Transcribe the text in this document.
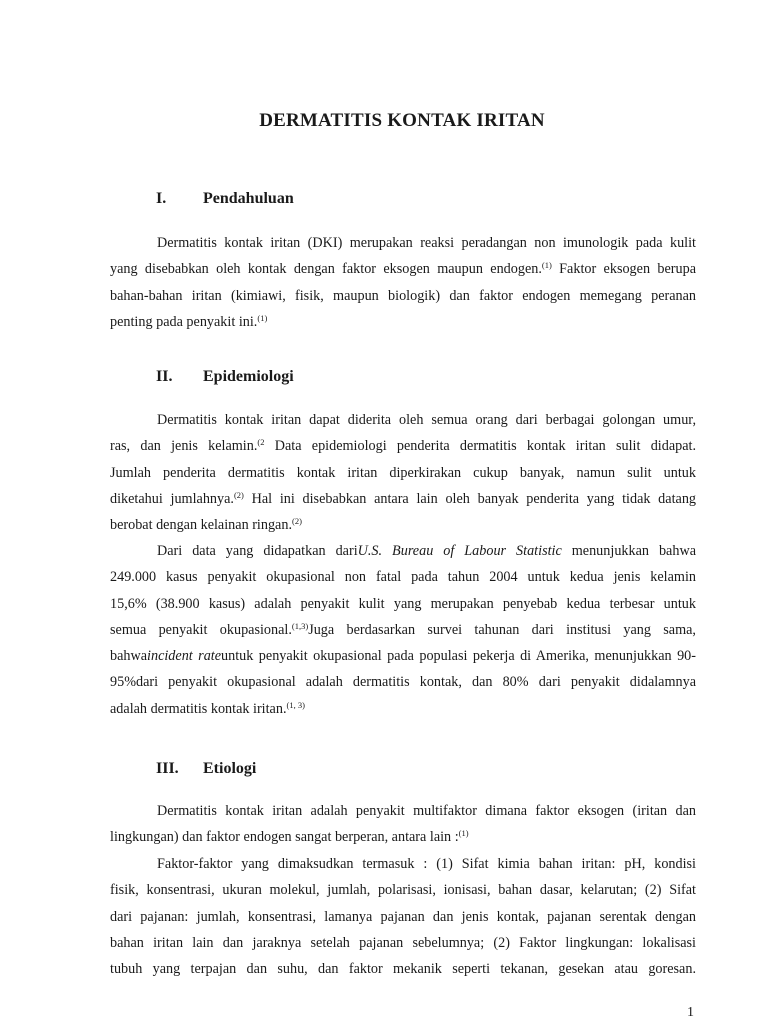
DERMATITIS KONTAK IRITAN
I. Pendahuluan
Dermatitis kontak iritan (DKI) merupakan reaksi peradangan non imunologik pada kulit
yang disebabkan oleh kontak dengan faktor eksogen maupun endogen.$^{(1)}$ Faktor eksogen berupa
bahan-bahan iritan (kimiawi, fisik, maupun biologik) dan faktor endogen memegang peranan
penting pada penyakit ini.$^{(1)}$
II. Epidemiologi
Dermatitis kontak iritan dapat diderita oleh semua orang dari berbagai golongan umur,
ras, dan jenis kelamin.$^{(2}$ Data epidemiologi penderita dermatitis kontak iritan sulit didapat.
Jumlah penderita dermatitis kontak iritan diperkirakan cukup banyak, namun sulit untuk
diketahui jumlahnya.$^{(2)}$ Hal ini disebabkan antara lain oleh banyak penderita yang tidak datang
berobat dengan kelainan ringan.$^{(2)}$
Dari data yang didapatkan dariU.S. Bureau of Labour Statistic menunjukkan bahwa
249.000 kasus penyakit okupasional non fatal pada tahun 2004 untuk kedua jenis kelamin
15,6% (38.900 kasus) adalah penyakit kulit yang merupakan penyebab kedua terbesar untuk
semua penyakit okupasional.$^{(1,3)}$Juga berdasarkan survei tahunan dari institusi yang sama,
bahwaincident rateuntuk penyakit okupasional pada populasi pekerja di Amerika, menunjukkan 90-
95%dari penyakit okupasional adalah dermatitis kontak, dan 80% dari penyakit didalamnya
adalah dermatitis kontak iritan.$^{(1, 3)}$
III. Etiologi
Dermatitis kontak iritan adalah penyakit multifaktor dimana faktor eksogen (iritan dan
lingkungan) dan faktor endogen sangat berperan, antara lain :$^{(1)}$
Faktor-faktor yang dimaksudkan termasuk : (1) Sifat kimia bahan iritan: pH, kondisi
fisik, konsentrasi, ukuran molekul, jumlah, polarisasi, ionisasi, bahan dasar, kelarutan; (2) Sifat
dari pajanan: jumlah, konsentrasi, lamanya pajanan dan jenis kontak, pajanan serentak dengan
bahan iritan lain dan jaraknya setelah pajanan sebelumnya; (2) Faktor lingkungan: lokalisasi
tubuh yang terpajan dan suhu, dan faktor mekanik seperti tekanan, gesekan atau goresan.
1
